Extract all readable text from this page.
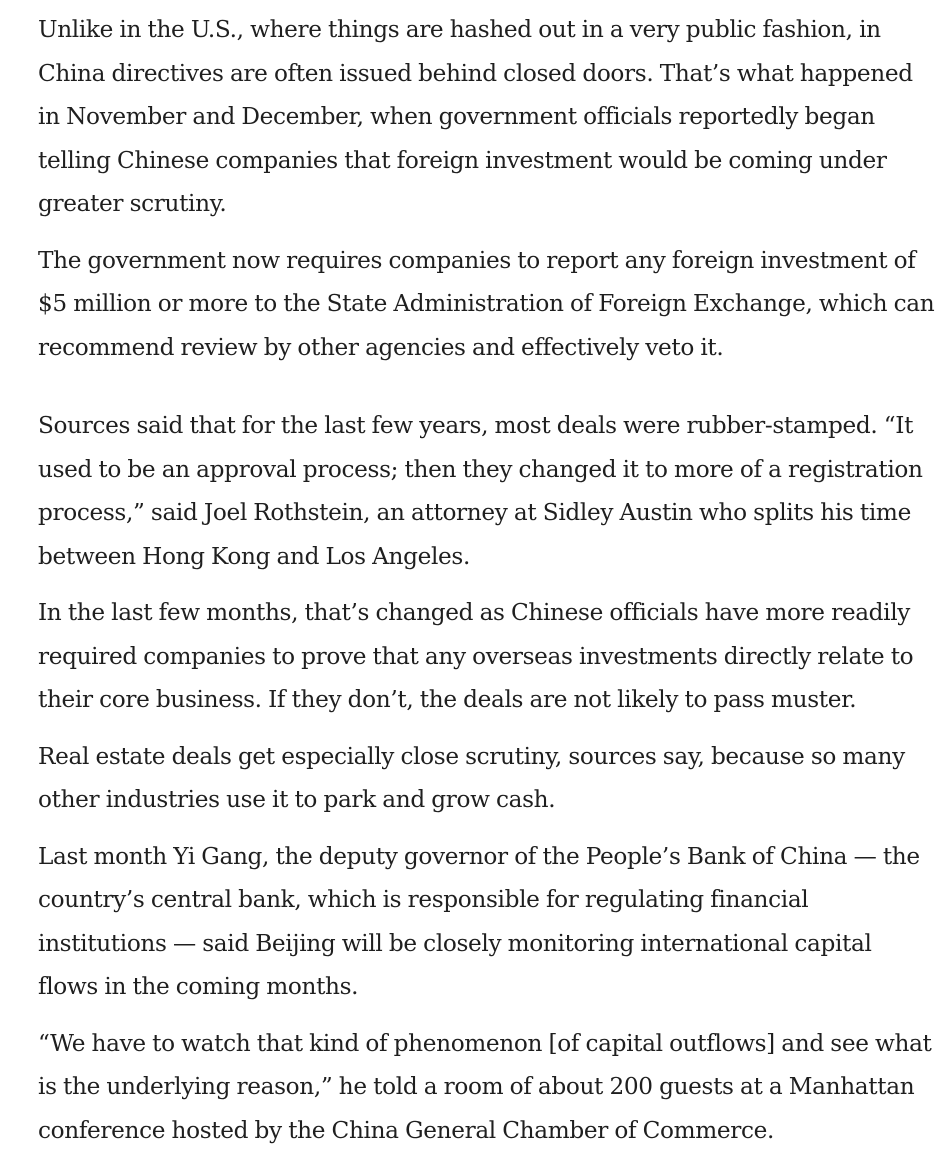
Unlike in the U.S., where things are hashed out in a very public fashion, in China directives are often issued behind closed doors. That’s what happened in November and December, when government officials reportedly began telling Chinese companies that foreign investment would be coming under greater scrutiny.

The government now requires companies to report any foreign investment of $5 million or more to the State Administration of Foreign Exchange, which can recommend review by other agencies and effectively veto it.

Sources said that for the last few years, most deals were rubber-stamped. “It used to be an approval process; then they changed it to more of a registration process,” said Joel Rothstein, an attorney at Sidley Austin who splits his time between Hong Kong and Los Angeles.

In the last few months, that’s changed as Chinese officials have more readily required companies to prove that any overseas investments directly relate to their core business. If they don’t, the deals are not likely to pass muster.

Real estate deals get especially close scrutiny, sources say, because so many other industries use it to park and grow cash.

Last month Yi Gang, the deputy governor of the People’s Bank of China — the country’s central bank, which is responsible for regulating financial institutions — said Beijing will be closely monitoring international capital flows in the coming months.

“We have to watch that kind of phenomenon [of capital outflows] and see what is the underlying reason,” he told a room of about 200 guests at a Manhattan conference hosted by the China General Chamber of Commerce.
